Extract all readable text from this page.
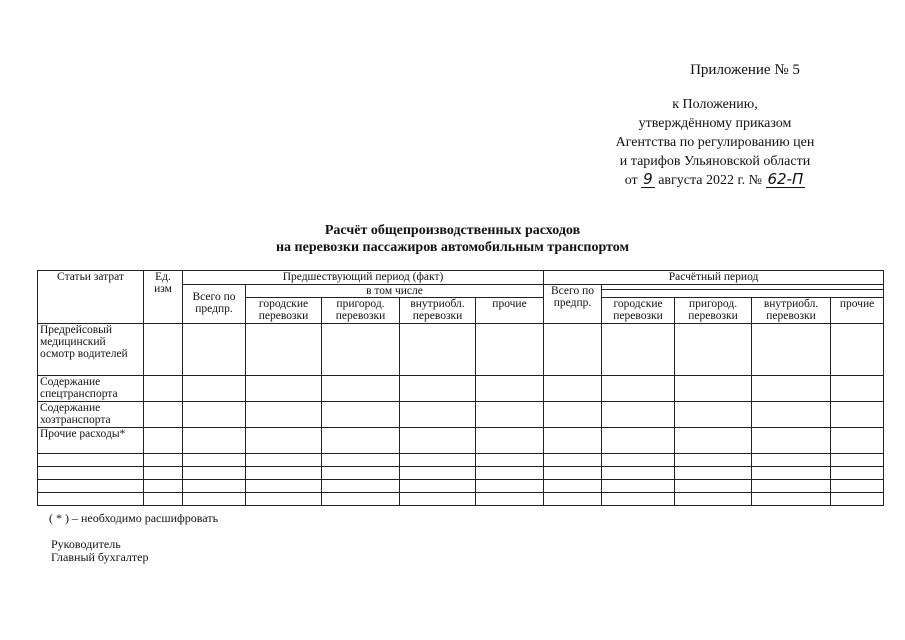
Приложение № 5
к Положению,
утверждённому приказом
Агентства по регулированию цен
и тарифов Ульяновской области
от 9 августа 2022 г. № 62-П
Расчёт общепроизводственных расходов
на перевозки пассажиров автомобильным транспортом
Статьи затрат	Ед. изм	Предшествующий период (факт)					Расчётный период				
		Всего по предпр.	в том числе				Всего по предпр.				

			городские перевозки	пригород. перевозки	внутриобл. перевозки	прочие		городские перевозки	пригород. перевозки	внутриобл. перевозки	прочие
Предрейсовый медицинский осмотр водителей											
Содержание спецтранспорта											
Содержание хозтранспорта											
Прочие расходы*											

( * ) – необходимо расшифровать
Руководитель
Главный бухгалтер
